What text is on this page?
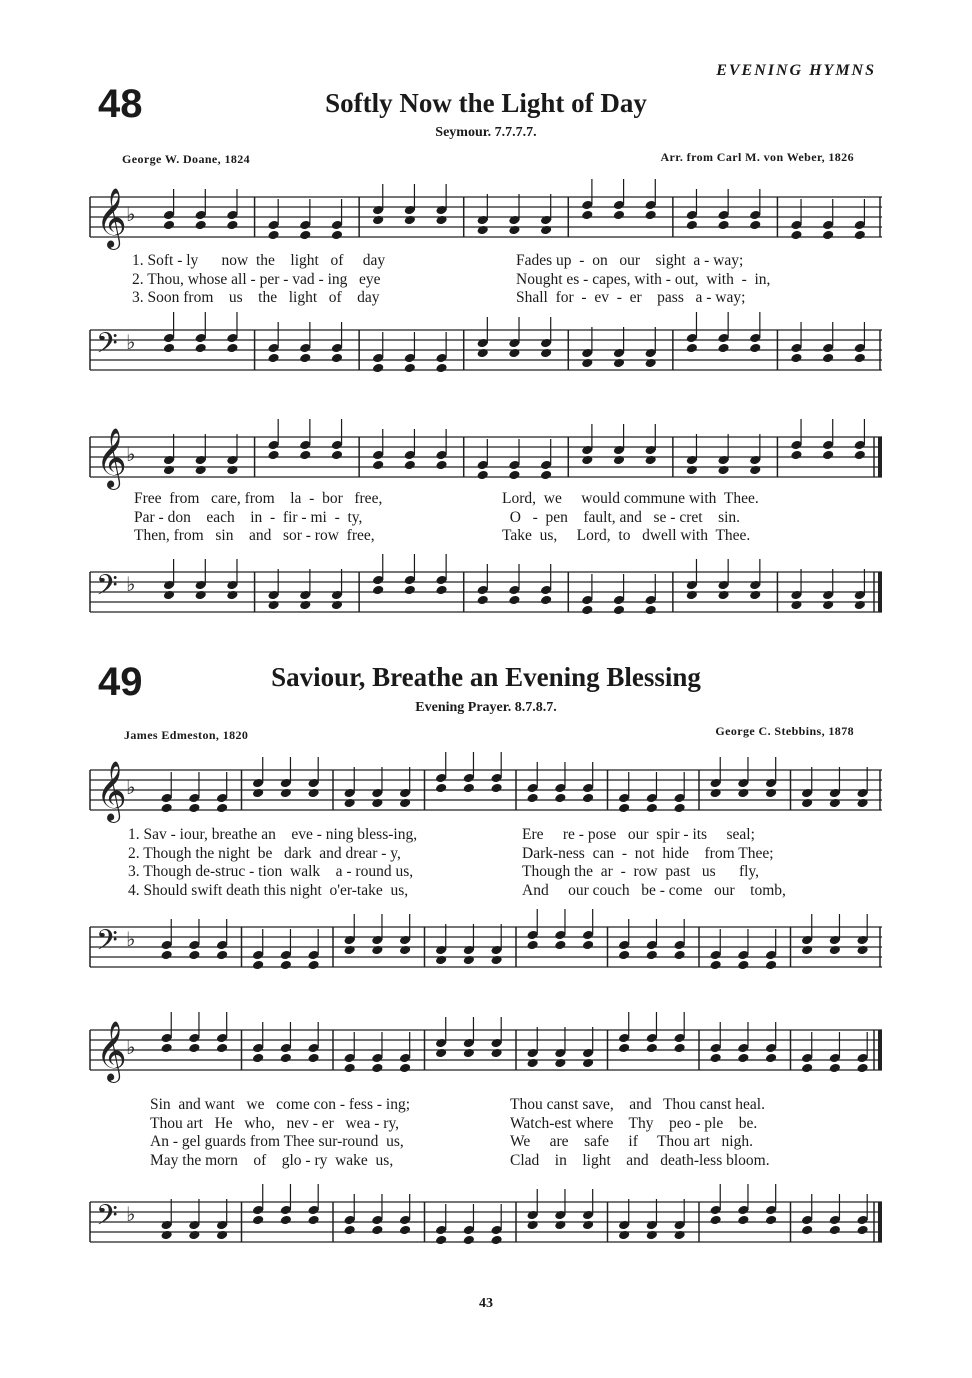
EVENING HYMNS
48	Softly Now the Light of Day
Seymour. 7.7.7.7.
George W. Doane, 1824	Arr. from Carl M. von Weber, 1826
𝄞 ♭
1. Soft - ly      now  the    light   of     day
2. Thou, whose all - per - vad - ing   eye
3. Soon from    us    the   light   of    day
Fades up  -  on   our    sight  a - way;
Nought es - capes, with - out,  with  -  in,
Shall  for  -  ev  -  er    pass   a - way;
𝄢 ♭
𝄞 ♭
Free  from   care, from    la  -  bor   free,
Par - don    each    in  -  fir - mi  -  ty,
Then, from   sin    and   sor - row  free,
Lord,  we     would commune with  Thee.
O   -  pen    fault, and   se - cret    sin.
Take  us,     Lord,  to   dwell with  Thee.
𝄢 ♭
49	Saviour, Breathe an Evening Blessing
Evening Prayer. 8.7.8.7.
James Edmeston, 1820	George C. Stebbins, 1878
𝄞 ♭
1. Sav - iour, breathe an    eve - ning bless-ing,
2. Though the night  be   dark  and drear - y,
3. Though de-struc - tion  walk    a - round us,
4. Should swift death this night  o'er-take  us,
Ere     re - pose   our  spir - its     seal;
Dark-ness  can  -  not  hide    from Thee;
Though the  ar  -  row  past   us      fly,
And     our couch   be - come   our    tomb,
𝄢 ♭
𝄞 ♭
Sin  and want   we   come con - fess - ing;
Thou art   He   who,   nev - er   wea - ry,
An - gel guards from Thee sur-round  us,
May the morn    of    glo - ry  wake  us,
Thou canst save,    and   Thou canst heal.
Watch-est where    Thy    peo - ple    be.
We     are    safe     if     Thou art   nigh.
Clad    in    light    and   death-less bloom.
𝄢 ♭
43
